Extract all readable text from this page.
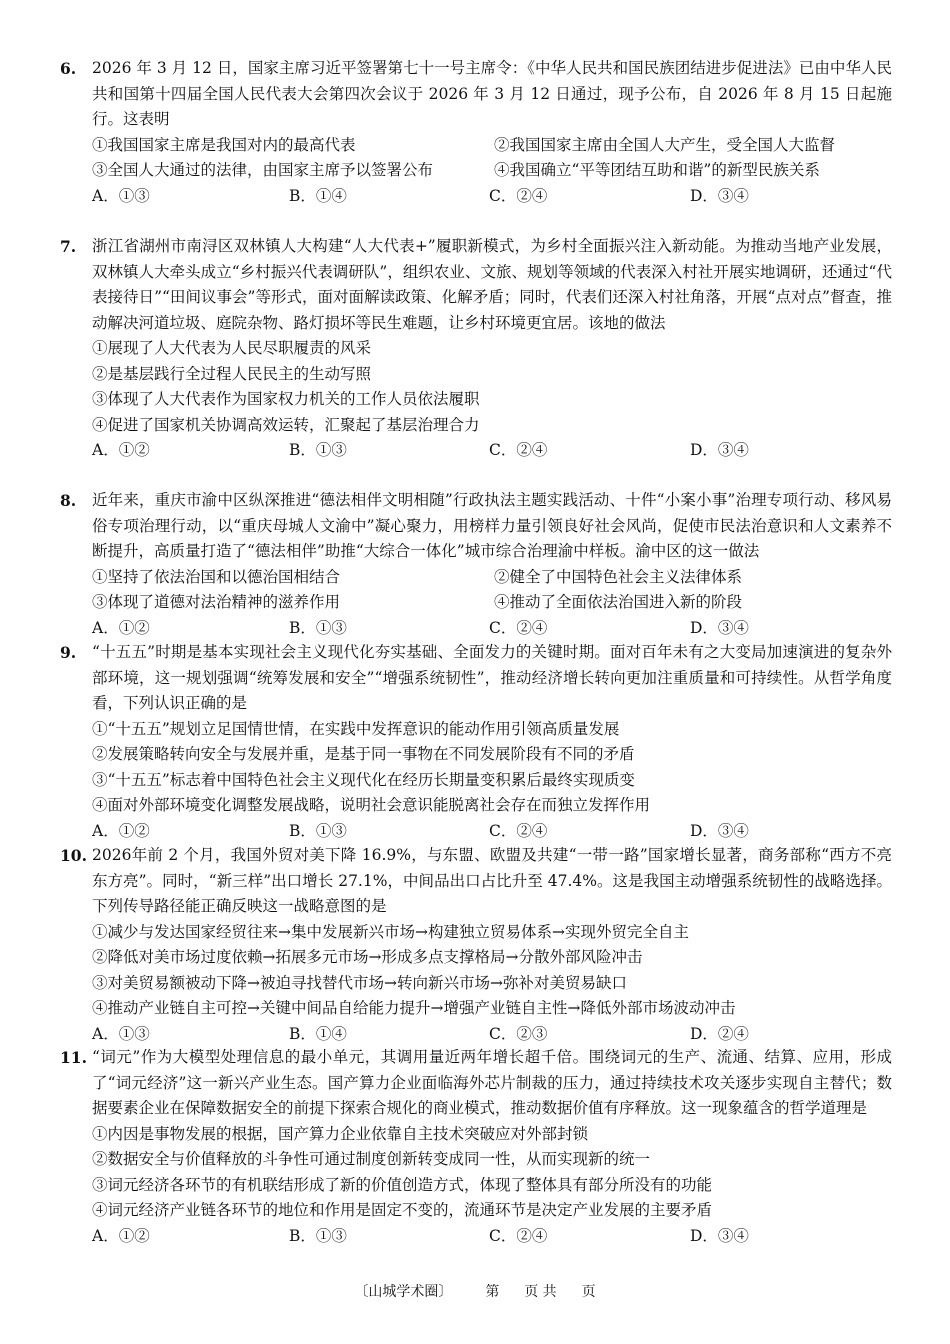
6. 2026 年 3 月 12 日，国家主席习近平签署第七十一号主席令：《中华人民共和国民族团结进步促进法》已由中华人民共和国第十四届全国人民代表大会第四次会议于 2026 年 3 月 12 日通过，现予公布，自 2026 年 8 月 15 日起施行。这表明
①我国国家主席是我国对内的最高代表	②我国国家主席由全国人大产生，受全国人大监督
③全国人大通过的法律，由国家主席予以签署公布	④我国确立“平等团结互助和谐”的新型民族关系
A．①③	B．①④	C．②④	D．③④
7. 浙江省湖州市南浔区双林镇人大构建“人大代表+”履职新模式，为乡村全面振兴注入新动能。为推动当地产业发展，双林镇人大牵头成立“乡村振兴代表调研队”，组织农业、文旅、规划等领域的代表深入村社开展实地调研，还通过“代表接待日”“田间议事会”等形式，面对面解读政策、化解矛盾；同时，代表们还深入村社角落，开展“点对点”督查，推动解决河道垃圾、庭院杂物、路灯损坏等民生难题，让乡村环境更宜居。该地的做法
①展现了人大代表为人民尽职履责的风采
②是基层践行全过程人民民主的生动写照
③体现了人大代表作为国家权力机关的工作人员依法履职
④促进了国家机关协调高效运转，汇聚起了基层治理合力
A．①②	B．①③	C．②④	D．③④
8. 近年来，重庆市渝中区纵深推进“德法相伴文明相随”行政执法主题实践活动、十件“小案小事”治理专项行动、移风易俗专项治理行动，以“重庆母城人文渝中”凝心聚力，用榜样力量引领良好社会风尚，促使市民法治意识和人文素养不断提升，高质量打造了“德法相伴”助推“大综合一体化”城市综合治理渝中样板。渝中区的这一做法
①坚持了依法治国和以德治国相结合	②健全了中国特色社会主义法律体系
③体现了道德对法治精神的滋养作用	④推动了全面依法治国进入新的阶段
A．①②	B．①③	C．②④	D．③④
9. “十五五”时期是基本实现社会主义现代化夯实基础、全面发力的关键时期。面对百年未有之大变局加速演进的复杂外部环境，这一规划强调“统筹发展和安全”“增强系统韧性”，推动经济增长转向更加注重质量和可持续性。从哲学角度看，下列认识正确的是
①“十五五”规划立足国情世情，在实践中发挥意识的能动作用引领高质量发展
②发展策略转向安全与发展并重，是基于同一事物在不同发展阶段有不同的矛盾
③“十五五”标志着中国特色社会主义现代化在经历长期量变积累后最终实现质变
④面对外部环境变化调整发展战略，说明社会意识能脱离社会存在而独立发挥作用
A．①②	B．①③	C．②④	D．③④
10. 2026年前 2 个月，我国外贸对美下降 16.9%，与东盟、欧盟及共建“一带一路”国家增长显著，商务部称“西方不亮东方亮”。同时，“新三样”出口增长 27.1%，中间品出口占比升至 47.4%。这是我国主动增强系统韧性的战略选择。下列传导路径能正确反映这一战略意图的是
①减少与发达国家经贸往来→集中发展新兴市场→构建独立贸易体系→实现外贸完全自主
②降低对美市场过度依赖→拓展多元市场→形成多点支撑格局→分散外部风险冲击
③对美贸易额被动下降→被迫寻找替代市场→转向新兴市场→弥补对美贸易缺口
④推动产业链自主可控→关键中间品自给能力提升→增强产业链自主性→降低外部市场波动冲击
A．①③	B．①④	C．②③	D．②④
11. “词元”作为大模型处理信息的最小单元，其调用量近两年增长超千倍。围绕词元的生产、流通、结算、应用，形成了“词元经济”这一新兴产业生态。国产算力企业面临海外芯片制裁的压力，通过持续技术攻关逐步实现自主替代；数据要素企业在保障数据安全的前提下探索合规化的商业模式，推动数据价值有序释放。这一现象蕴含的哲学道理是
①内因是事物发展的根据，国产算力企业依靠自主技术突破应对外部封锁
②数据安全与价值释放的斗争性可通过制度创新转变成同一性，从而实现新的统一
③词元经济各环节的有机联结形成了新的价值创造方式，体现了整体具有部分所没有的功能
④词元经济产业链各环节的地位和作用是固定不变的，流通环节是决定产业发展的主要矛盾
A．①②	B．①③	C．②④	D．③④
〔山城学术圈〕 第 页 共 页
